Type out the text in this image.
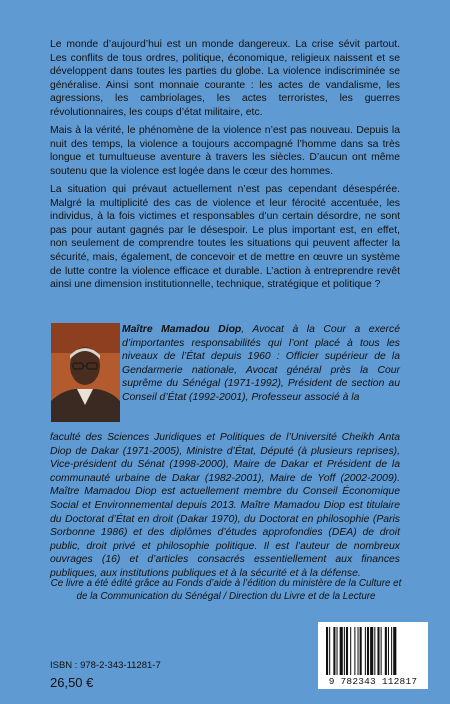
Le monde d’aujourd’hui est un monde dangereux. La crise sévit partout. Les conflits de tous ordres, politique, économique, religieux naissent et se développent dans toutes les parties du globe. La violence indiscriminée se généralise. Ainsi sont monnaie courante : les actes de vandalisme, les agressions, les cambriolages, les actes terroristes, les guerres révolutionnaires, les coups d’état militaire, etc.

Mais à la vérité, le phénomène de la violence n’est pas nouveau. Depuis la nuit des temps, la violence a toujours accompagné l’homme dans sa très longue et tumultueuse aventure à travers les siècles. D’aucun ont même soutenu que la violence est logée dans le cœur des hommes.

La situation qui prévaut actuellement n’est pas cependant désespérée. Malgré la multiplicité des cas de violence et leur férocité accentuée, les individus, à la fois victimes et responsables d’un certain désordre, ne sont pas pour autant gagnés par le désespoir. Le plus important est, en effet, non seulement de comprendre toutes les situations qui peuvent affecter la sécurité, mais, également, de concevoir et de mettre en œuvre un système de lutte contre la violence efficace et durable. L’action à entreprendre revêt ainsi une dimension institutionnelle, technique, stratégique et politique ?

Maître Mamadou Diop, Avocat à la Cour a exercé d’importantes responsabilités qui l’ont placé à tous les niveaux de l’État depuis 1960 : Officier supérieur de la Gendarmerie nationale, Avocat général près la Cour suprême du Sénégal (1971-1992), Président de section au Conseil d’État (1992-2001), Professeur associé à la

faculté des Sciences Juridiques et Politiques de l’Université Cheikh Anta Diop de Dakar (1971-2005), Ministre d’État, Député (à plusieurs reprises), Vice-président du Sénat (1998-2000), Maire de Dakar et Président de la communauté urbaine de Dakar (1982-2001), Maire de Yoff (2002-2009). Maître Mamadou Diop est actuellement membre du Conseil Économique Social et Environnemental depuis 2013. Maître Mamadou Diop est titulaire du Doctorat d’État en droit (Dakar 1970), du Doctorat en philosophie (Paris Sorbonne 1986) et des diplômes d’études approfondies (DEA) de droit public, droit privé et philosophie politique. Il est l’auteur de nombreux ouvrages (16) et d’articles consacrés essentiellement aux finances publiques, aux institutions publiques et à la sécurité et à la défense.

Ce livre a été édité grâce au Fonds d’aide à l’édition du ministère de la Culture et de la Communication du Sénégal / Direction du Livre et de la Lecture

ISBN : 978-2-343-11281-7

26,50 €	9 782343 112817
